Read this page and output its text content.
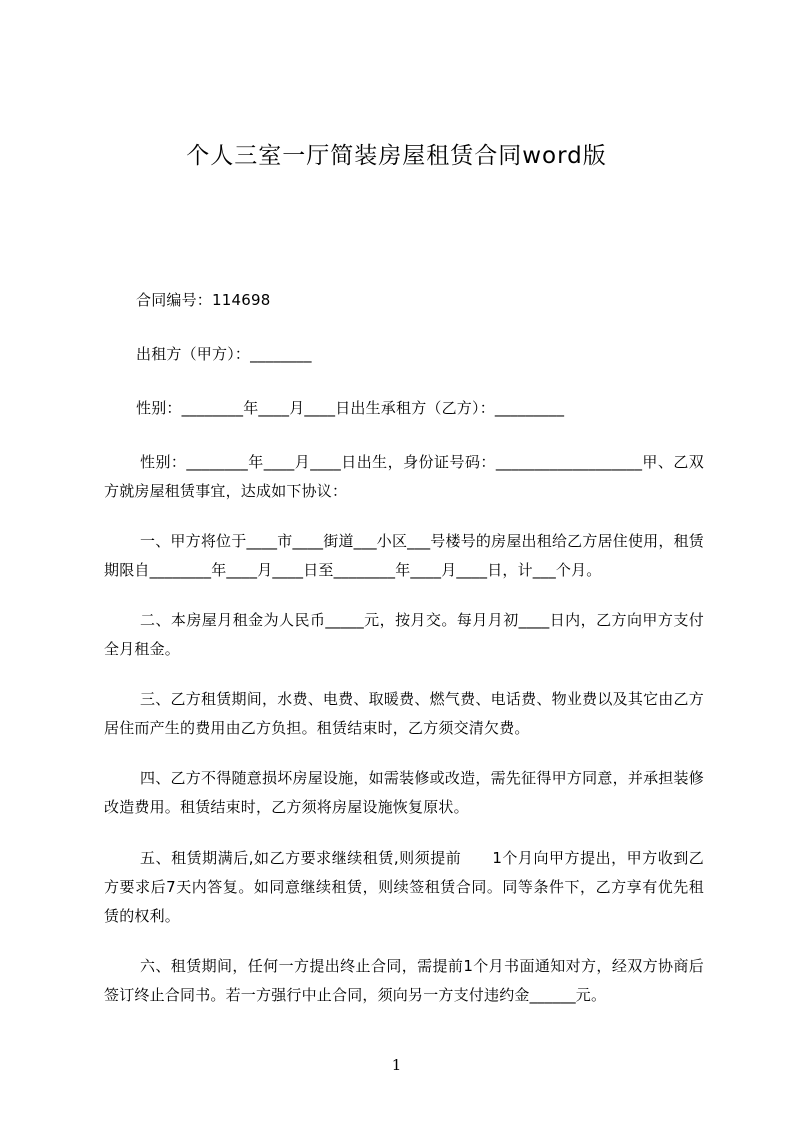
个人三室一厅简装房屋租赁合同word版

合同编号：114698

出租方（甲方）：________

性别：________年____月____日出生承租方（乙方）：_________

性别：________年____月____日出生，身份证号码：___________________甲、乙双方就房屋租赁事宜，达成如下协议：

一、甲方将位于____市____街道___小区___号楼号的房屋出租给乙方居住使用，租赁期限自________年____月____日至________年____月____日，计___个月。

二、本房屋月租金为人民币_____元，按月交。每月月初____日内，乙方向甲方支付全月租金。

三、乙方租赁期间，水费、电费、取暖费、燃气费、电话费、物业费以及其它由乙方居住而产生的费用由乙方负担。租赁结束时，乙方须交清欠费。

四、乙方不得随意损坏房屋设施，如需装修或改造，需先征得甲方同意，并承担装修改造费用。租赁结束时，乙方须将房屋设施恢复原状。

五、租赁期满后,如乙方要求继续租赁,则须提前　　1个月向甲方提出，甲方收到乙方要求后7天内答复。如同意继续租赁，则续签租赁合同。同等条件下，乙方享有优先租赁的权利。

六、租赁期间，任何一方提出终止合同，需提前1个月书面通知对方，经双方协商后签订终止合同书。若一方强行中止合同，须向另一方支付违约金______元。

1
